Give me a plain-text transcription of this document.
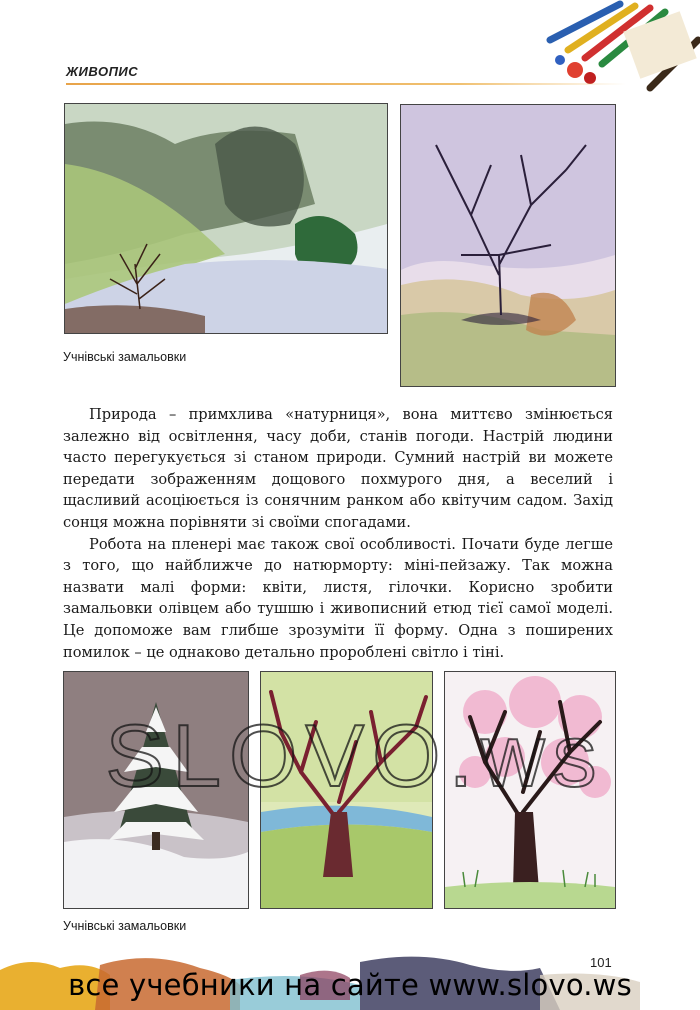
ЖИВОПИС
Учнівські замальовки

Природа – примхлива «натурниця», вона миттєво змінюється залежно від освітлення, часу доби, станів погоди. Настрій людини часто перегукується зі станом природи. Сумний настрій ви можете передати зображенням дощового похмурого дня, а веселий і щасливий асоціюється із сонячним ранком або квітучим садом. Захід сонця можна порівняти зі своїми спогадами.

Робота на пленері має також свої особливості. Почати буде легше з того, що найближче до натюрморту: міні-пейзажу. Так можна назвати малі форми: квіти, листя, гілочки. Корисно зробити замальовки олівцем або тушшю і живописний етюд тієї самої моделі. Це допоможе вам глибше зрозуміти її форму. Одна з поширених помилок – це однаково детально пророблені світло і тіні.

Учнівські замальовки
101
все учебники на сайте www.slovo.ws
